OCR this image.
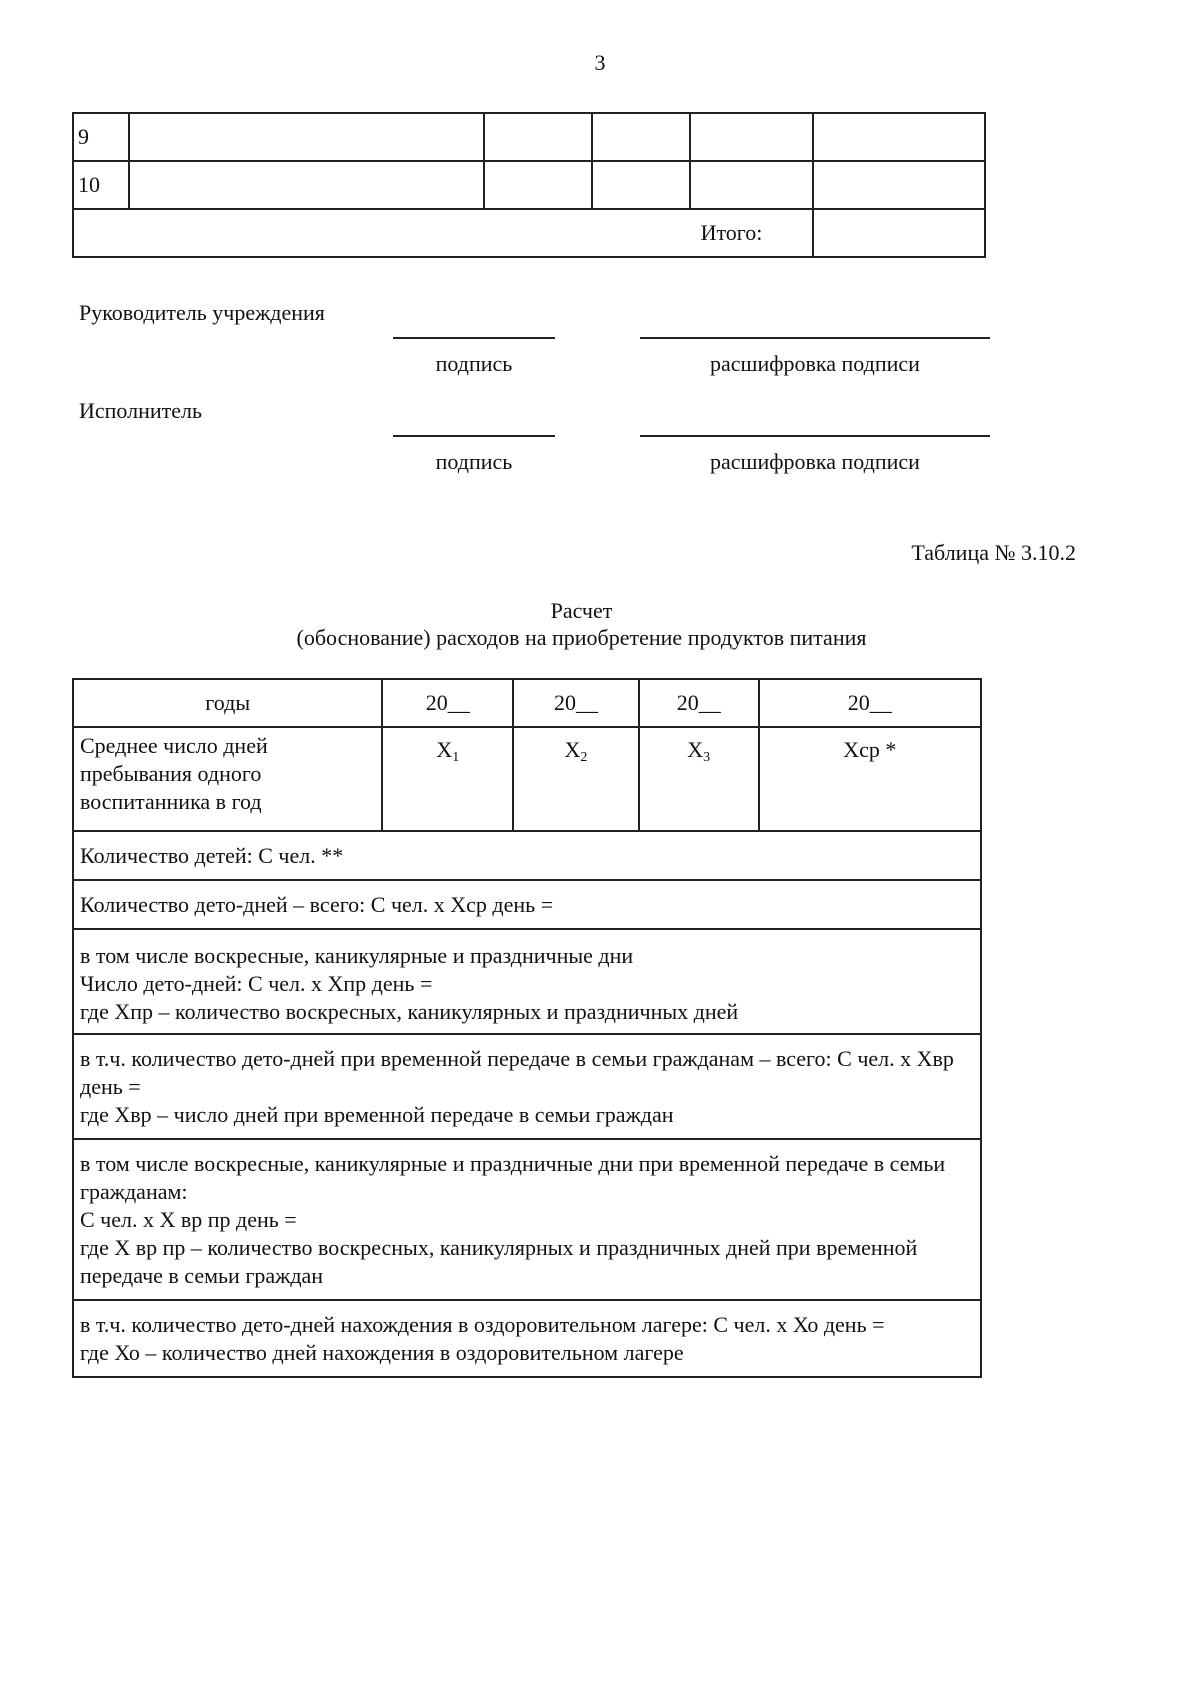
3
9					
10					
Итого:					
Руководитель учреждения
подпись	расшифровка подписи
Исполнитель
подпись	расшифровка подписи
Таблица № 3.10.2
Расчет
(обоснование) расходов на приобретение продуктов питания
годы	20__	20__	20__	20__
Среднее число дней пребывания одного воспитанника в год	$X_1$	$X_2$	$X_3$	Xср *
Количество детей: С чел. **				
Количество дето-дней – всего: С чел. х Хср день =				

в том числе воскресные, каникулярные и праздничные дни
Число дето-дней: С чел. х Хпр день =
где Хпр – количество воскресных, каникулярных и праздничных дней				

в т.ч. количество дето-дней при временной передаче в семьи гражданам – всего: С чел. х Хвр день =
где Хвр – число дней при временной передаче в семьи граждан				

в том числе воскресные, каникулярные и праздничные дни при временной передаче в семьи гражданам:
С чел. х Х вр пр день =
где Х вр пр – количество воскресных, каникулярных и праздничных дней при временной передаче в семьи граждан				

в т.ч. количество дето-дней нахождения в оздоровительном лагере: С чел. х Хо день =
где Хо – количество дней нахождения в оздоровительном лагере				
